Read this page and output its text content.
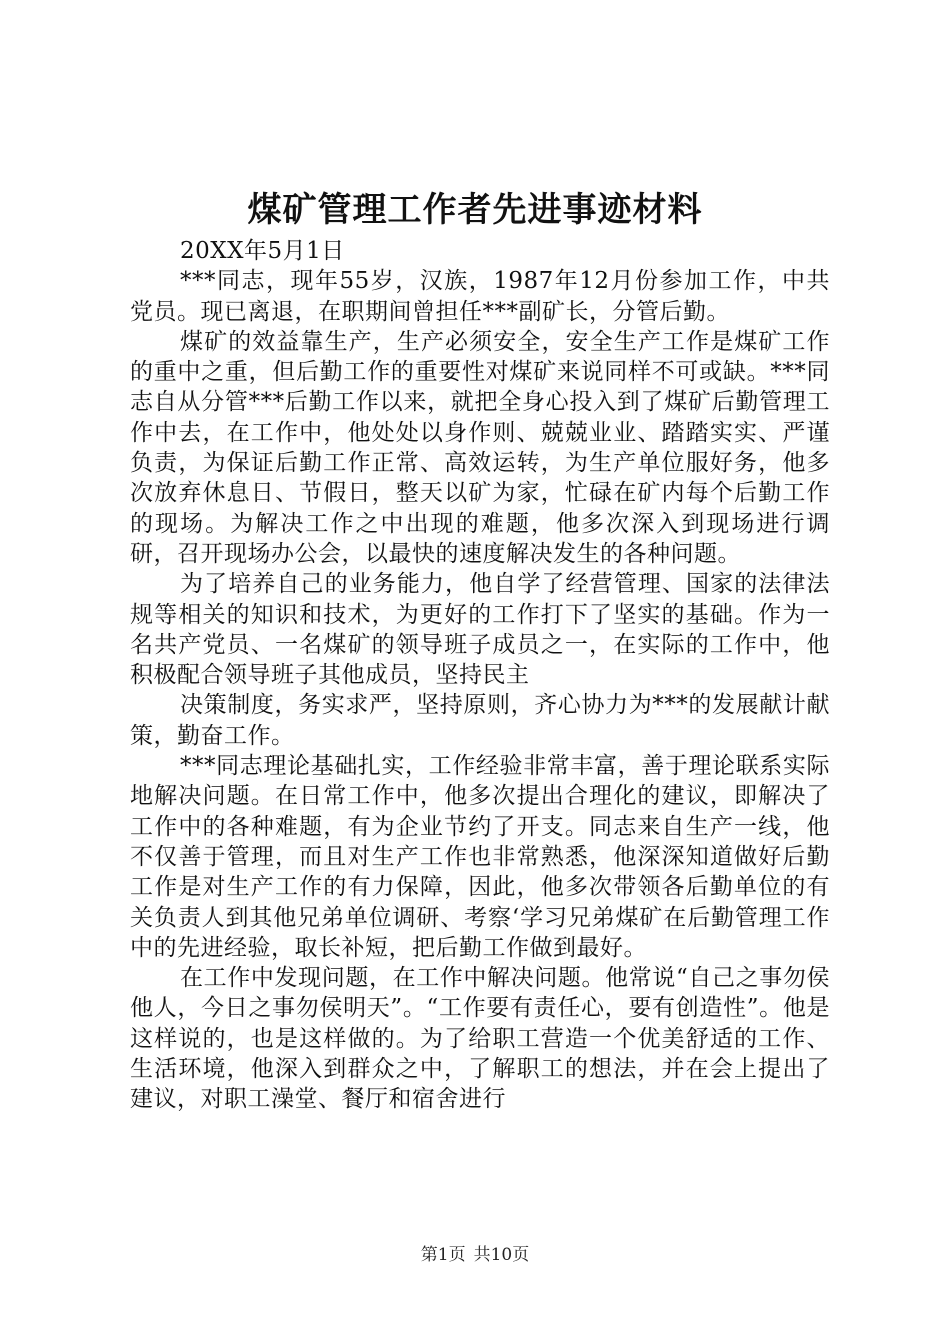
煤矿管理工作者先进事迹材料

20XX年5月1日

***同志，现年55岁，汉族，1987年12月份参加工作，中共党员。现已离退，在职期间曾担任***副矿长，分管后勤。

煤矿的效益靠生产，生产必须安全，安全生产工作是煤矿工作的重中之重，但后勤工作的重要性对煤矿来说同样不可或缺。***同志自从分管***后勤工作以来，就把全身心投入到了煤矿后勤管理工作中去，在工作中，他处处以身作则、兢兢业业、踏踏实实、严谨负责，为保证后勤工作正常、高效运转，为生产单位服好务，他多次放弃休息日、节假日，整天以矿为家，忙碌在矿内每个后勤工作的现场。为解决工作之中出现的难题，他多次深入到现场进行调研，召开现场办公会，以最快的速度解决发生的各种问题。

为了培养自己的业务能力，他自学了经营管理、国家的法律法规等相关的知识和技术，为更好的工作打下了坚实的基础。作为一名共产党员、一名煤矿的领导班子成员之一，在实际的工作中，他积极配合领导班子其他成员，坚持民主

决策制度，务实求严，坚持原则，齐心协力为***的发展献计献策，勤奋工作。

***同志理论基础扎实，工作经验非常丰富，善于理论联系实际地解决问题。在日常工作中，他多次提出合理化的建议，即解决了工作中的各种难题，有为企业节约了开支。同志来自生产一线，他不仅善于管理，而且对生产工作也非常熟悉，他深深知道做好后勤工作是对生产工作的有力保障，因此，他多次带领各后勤单位的有关负责人到其他兄弟单位调研、考察‘学习兄弟煤矿在后勤管理工作中的先进经验，取长补短，把后勤工作做到最好。

在工作中发现问题，在工作中解决问题。他常说“自己之事勿侯他人，今日之事勿侯明天”。“工作要有责任心，要有创造性”。他是这样说的，也是这样做的。为了给职工营造一个优美舒适的工作、生活环境，他深入到群众之中，了解职工的想法，并在会上提出了建议，对职工澡堂、餐厅和宿舍进行

第1页 共10页
